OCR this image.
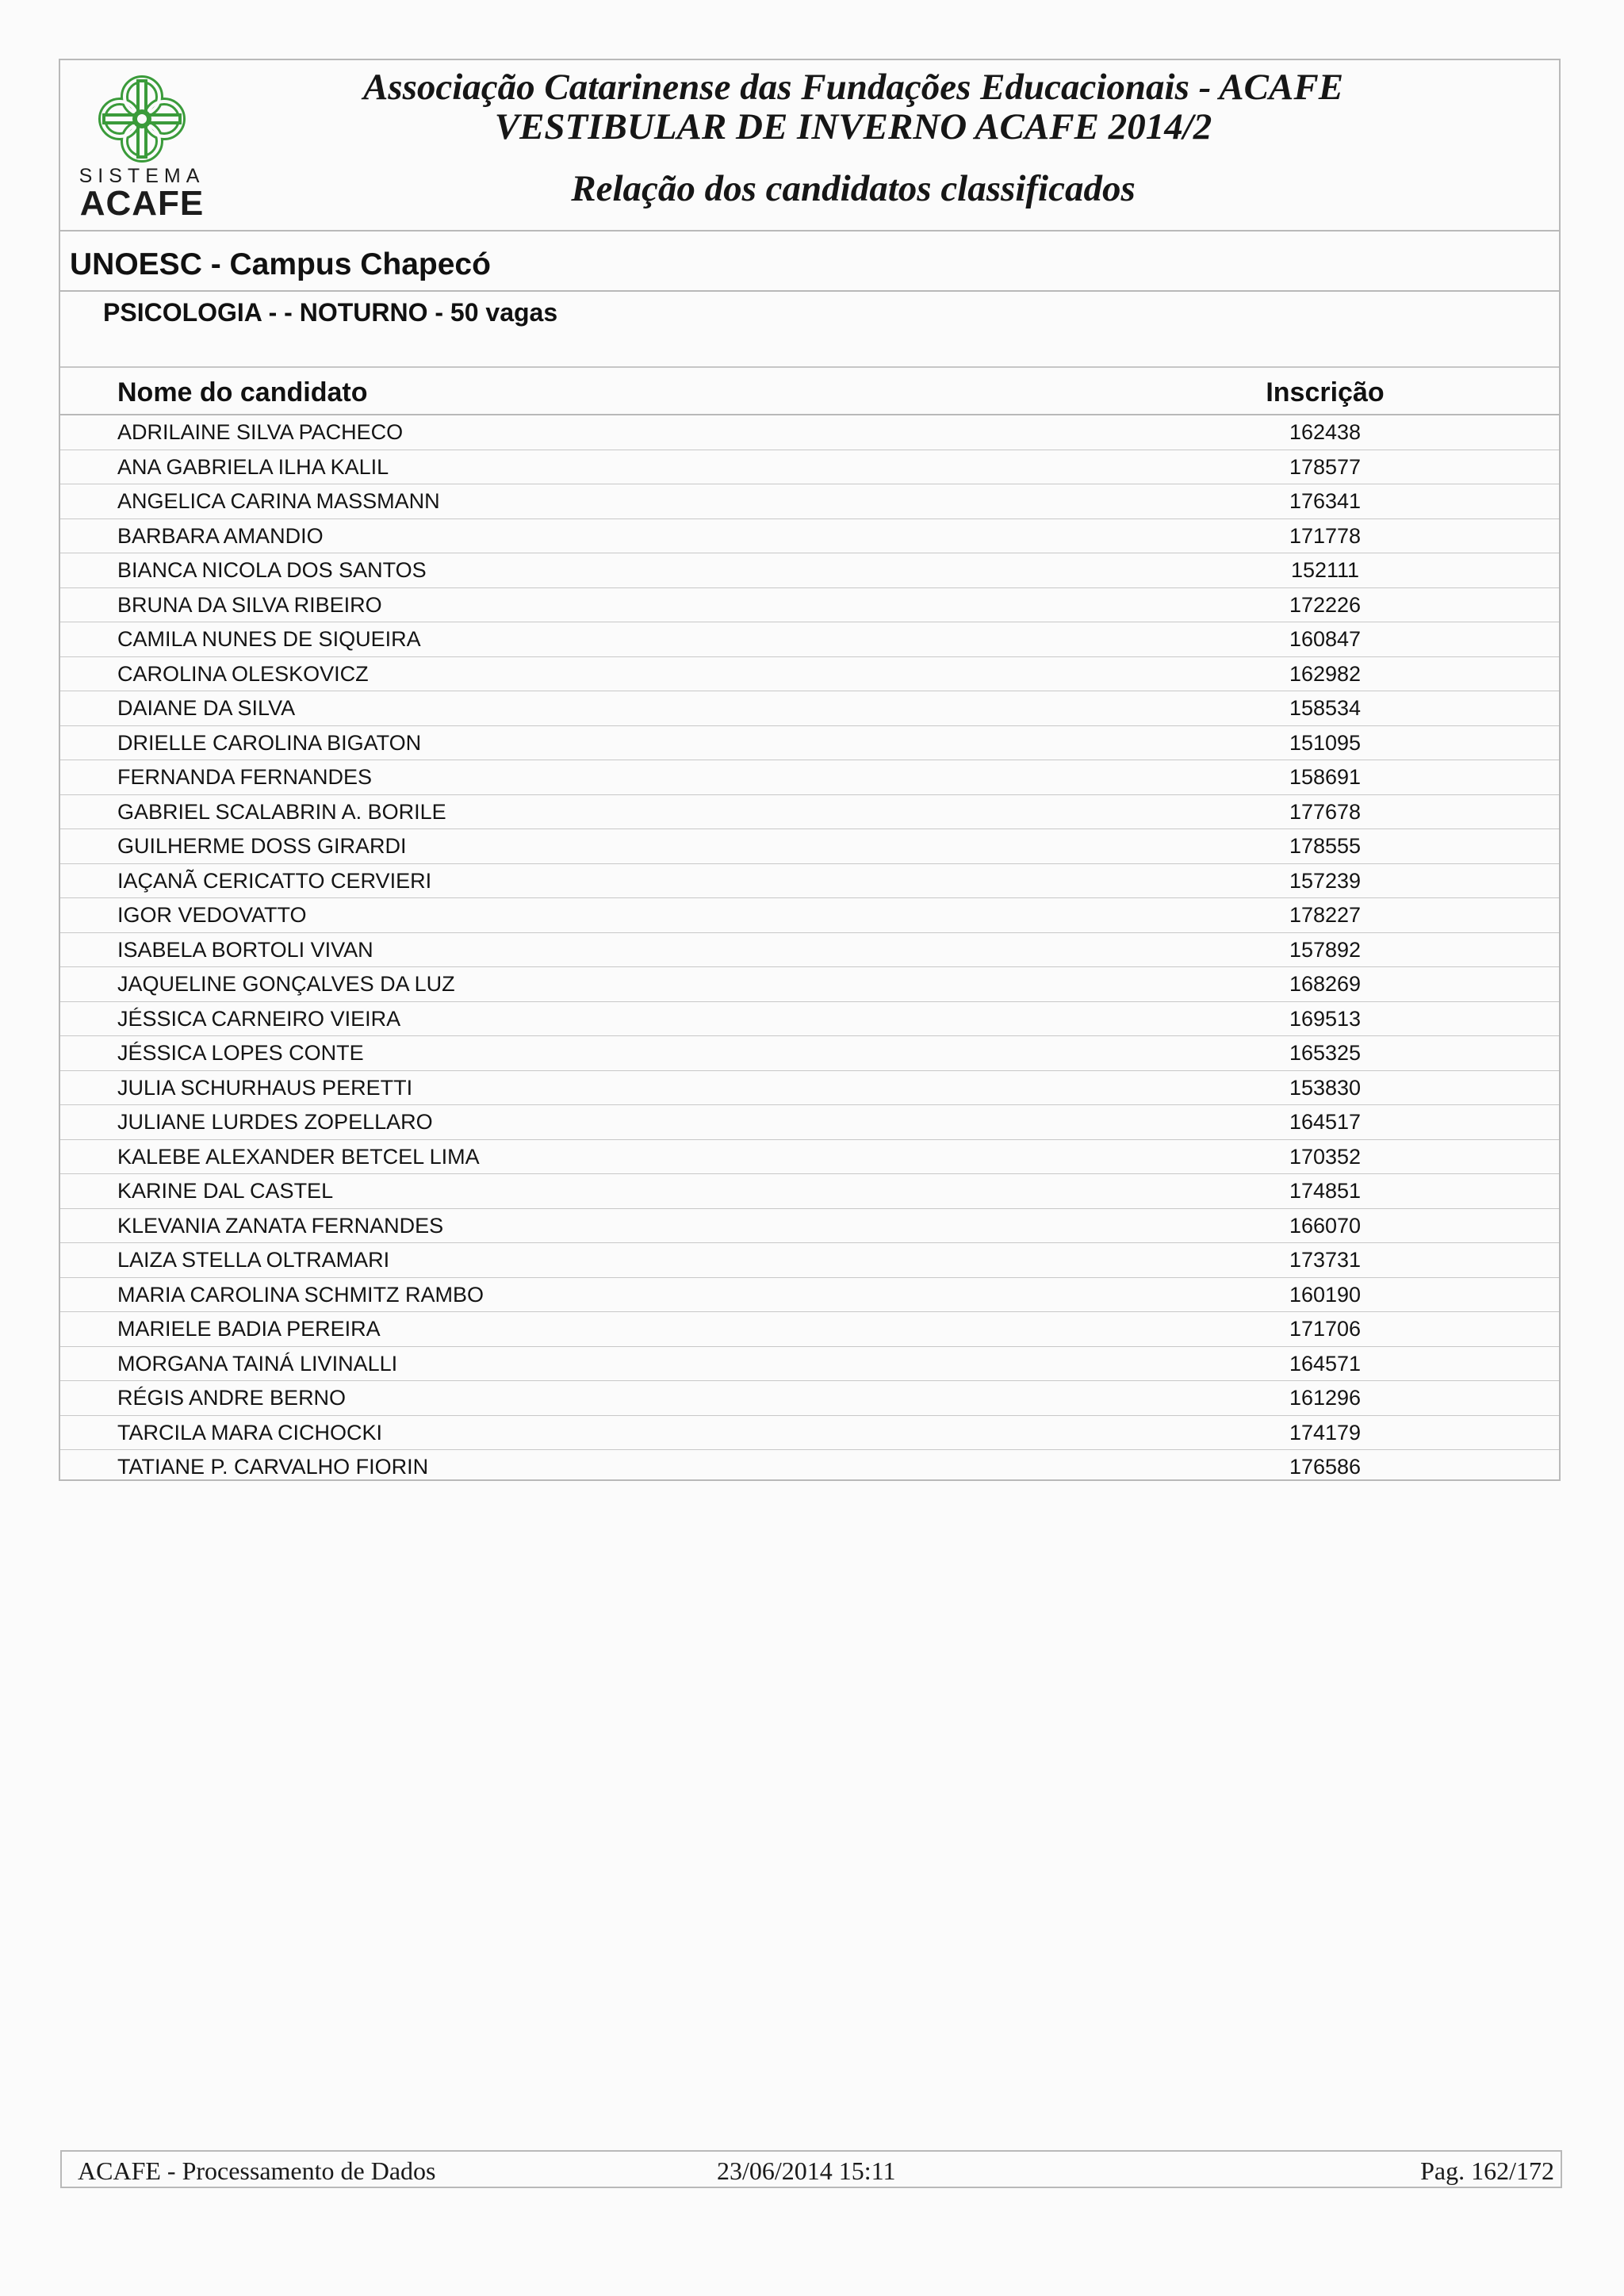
SISTEMA
ACAFE
Associação Catarinense das Fundações Educacionais - ACAFE
VESTIBULAR DE INVERNO ACAFE 2014/2
Relação dos candidatos classificados
UNOESC - Campus Chapecó
PSICOLOGIA - - NOTURNO - 50 vagas
Nome do candidato	Inscrição
ADRILAINE SILVA PACHECO	162438
ANA GABRIELA ILHA KALIL	178577
ANGELICA CARINA MASSMANN	176341
BARBARA AMANDIO	171778
BIANCA NICOLA DOS SANTOS	152111
BRUNA DA SILVA RIBEIRO	172226
CAMILA NUNES DE SIQUEIRA	160847
CAROLINA OLESKOVICZ	162982
DAIANE DA SILVA	158534
DRIELLE CAROLINA BIGATON	151095
FERNANDA FERNANDES	158691
GABRIEL SCALABRIN A. BORILE	177678
GUILHERME DOSS GIRARDI	178555
IAÇANÃ CERICATTO CERVIERI	157239
IGOR VEDOVATTO	178227
ISABELA BORTOLI VIVAN	157892
JAQUELINE GONÇALVES DA LUZ	168269
JÉSSICA CARNEIRO VIEIRA	169513
JÉSSICA LOPES CONTE	165325
JULIA SCHURHAUS PERETTI	153830
JULIANE LURDES ZOPELLARO	164517
KALEBE ALEXANDER BETCEL LIMA	170352
KARINE DAL CASTEL	174851
KLEVANIA ZANATA FERNANDES	166070
LAIZA STELLA OLTRAMARI	173731
MARIA CAROLINA SCHMITZ RAMBO	160190
MARIELE BADIA PEREIRA	171706
MORGANA TAINÁ LIVINALLI	164571
RÉGIS ANDRE BERNO	161296
TARCILA MARA CICHOCKI	174179
TATIANE P. CARVALHO FIORIN	176586
ACAFE - Processamento de Dados	23/06/2014 15:11	Pag. 162/172
